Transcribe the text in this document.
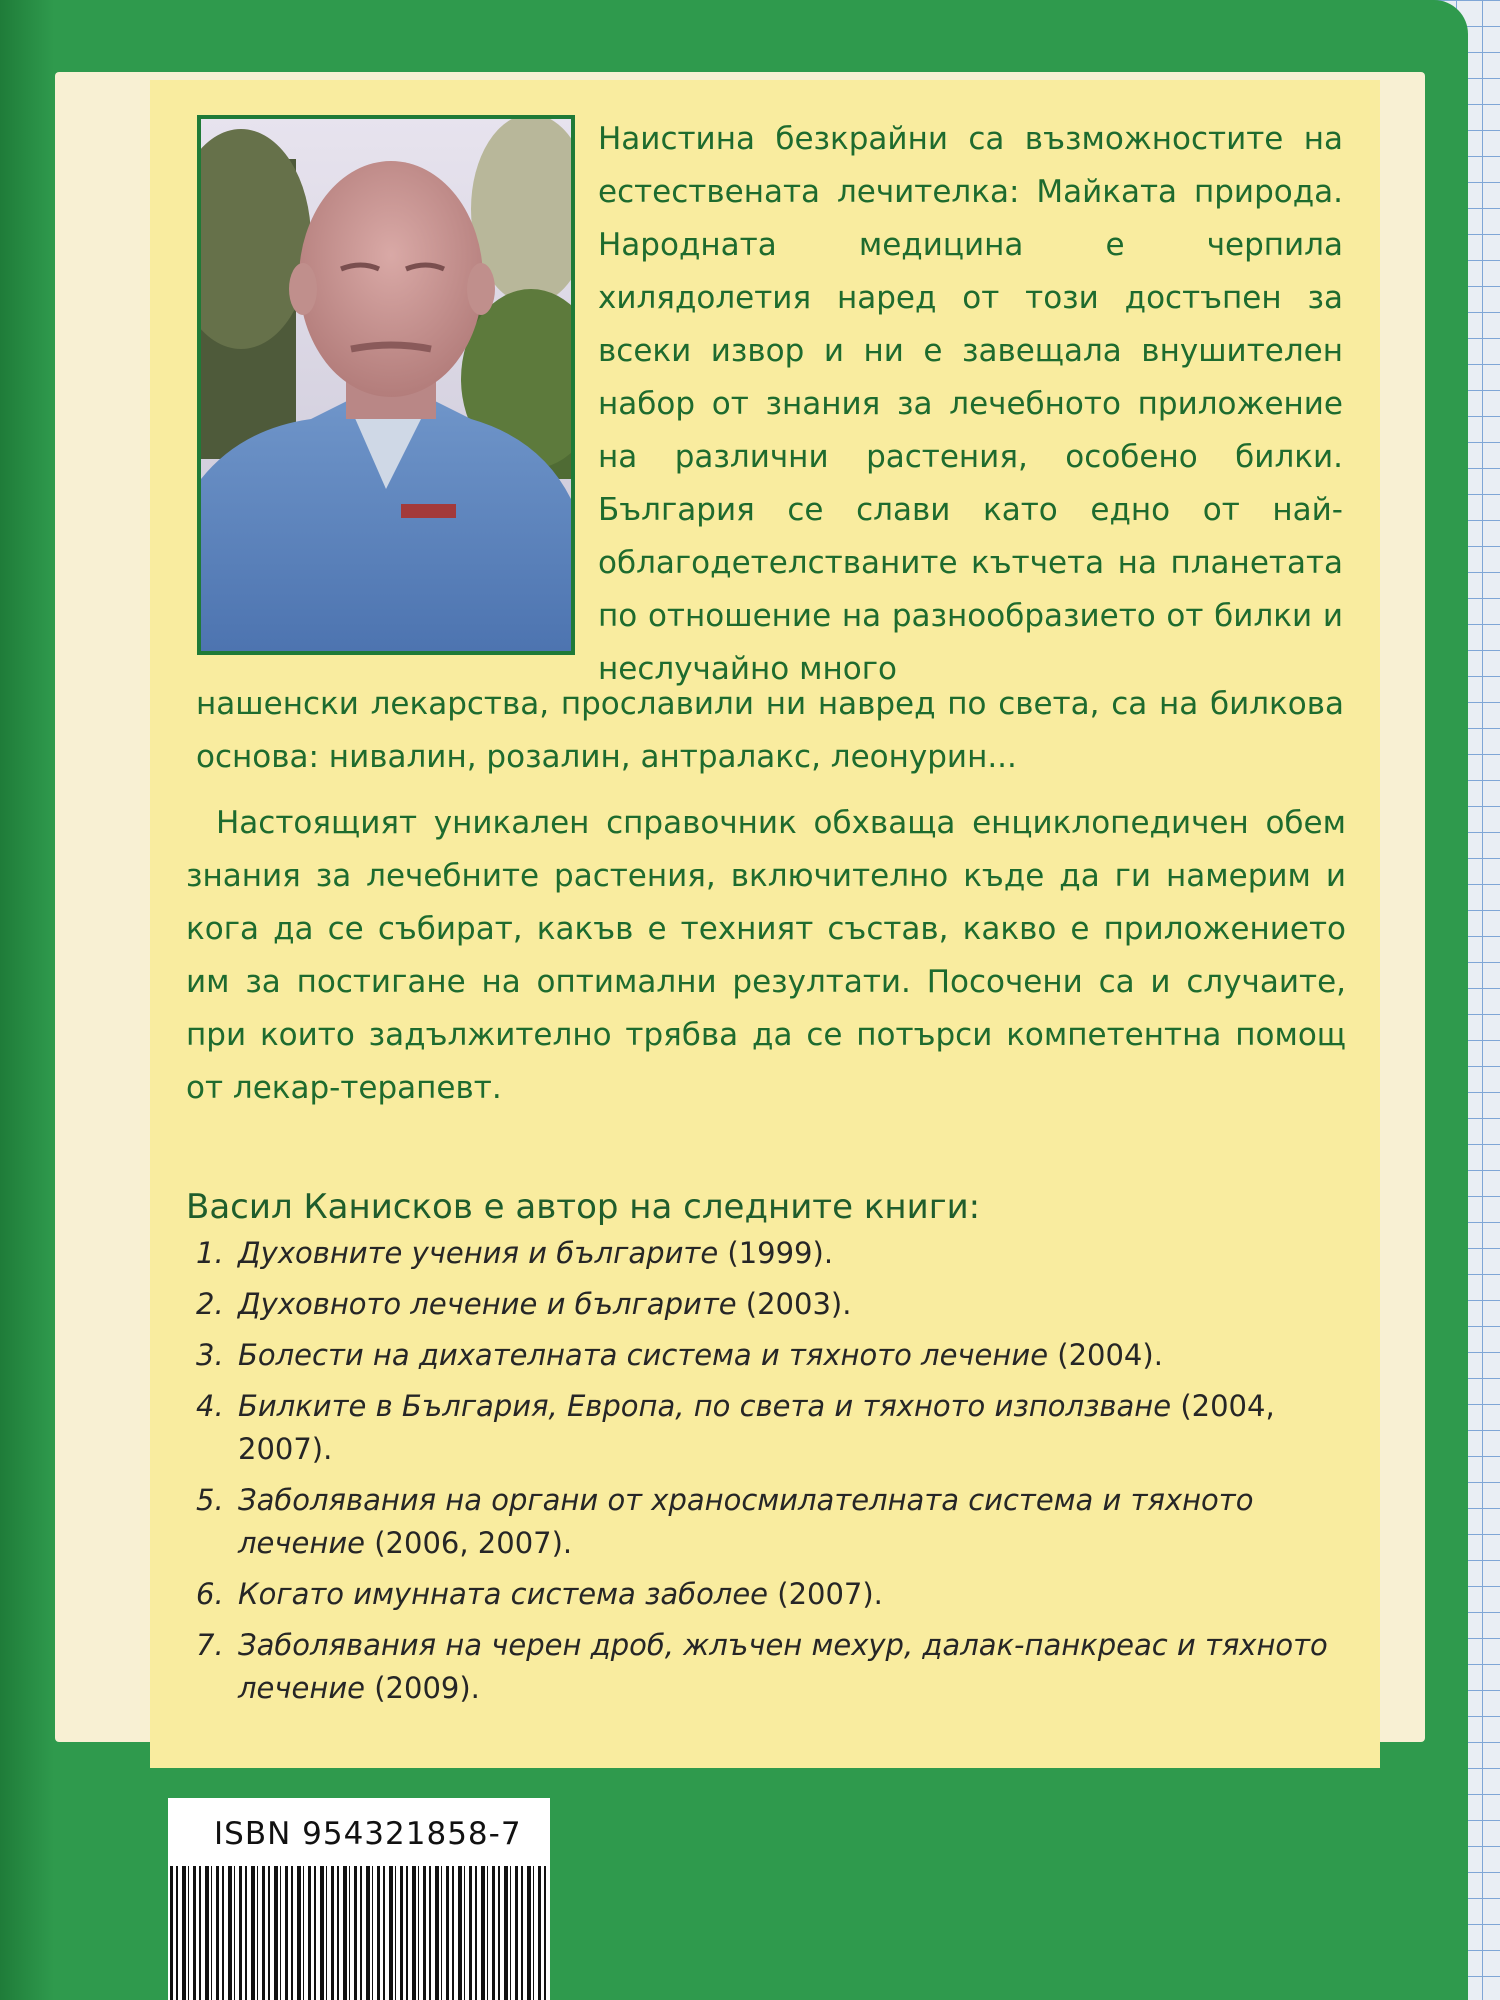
Наистина безкрайни са възможностите на естествената лечителка: Майката природа. Народната медицина е черпила хилядолетия наред от този достъпен за всеки извор и ни е завещала внушителен набор от знания за лечебното приложение на различни растения, особено билки. България се слави като едно от най-облагодетелстваните кътчета на планетата по отношение на разнообразието от билки и неслучайно много
нашенски лекарства, прославили ни навред по света, са на билкова основа: нивалин, розалин, антралакс, леонурин...
Настоящият уникален справочник обхваща енциклопедичен обем знания за лечебните растения, включително къде да ги намерим и кога да се събират, какъв е техният състав, какво е приложението им за постигане на оптимални резултати. Посочени са и случаите, при които задължително трябва да се потърси компетентна помощ от лекар-терапевт.
Васил Канисков е автор на следните книги:
1. Духовните учения и българите (1999).
2. Духовното лечение и българите (2003).
3. Болести на дихателната система и тяхното лечение (2004).
4. Билките в България, Европа, по света и тяхното използване (2004, 2007).
5. Заболявания на органи от храносмилателната система и тяхното лечение (2006, 2007).
6. Когато имунната система заболее (2007).
7. Заболявания на черен дроб, жлъчен мехур, далак-панкреас и тяхното лечение (2009).
ISBN 954321858-7
